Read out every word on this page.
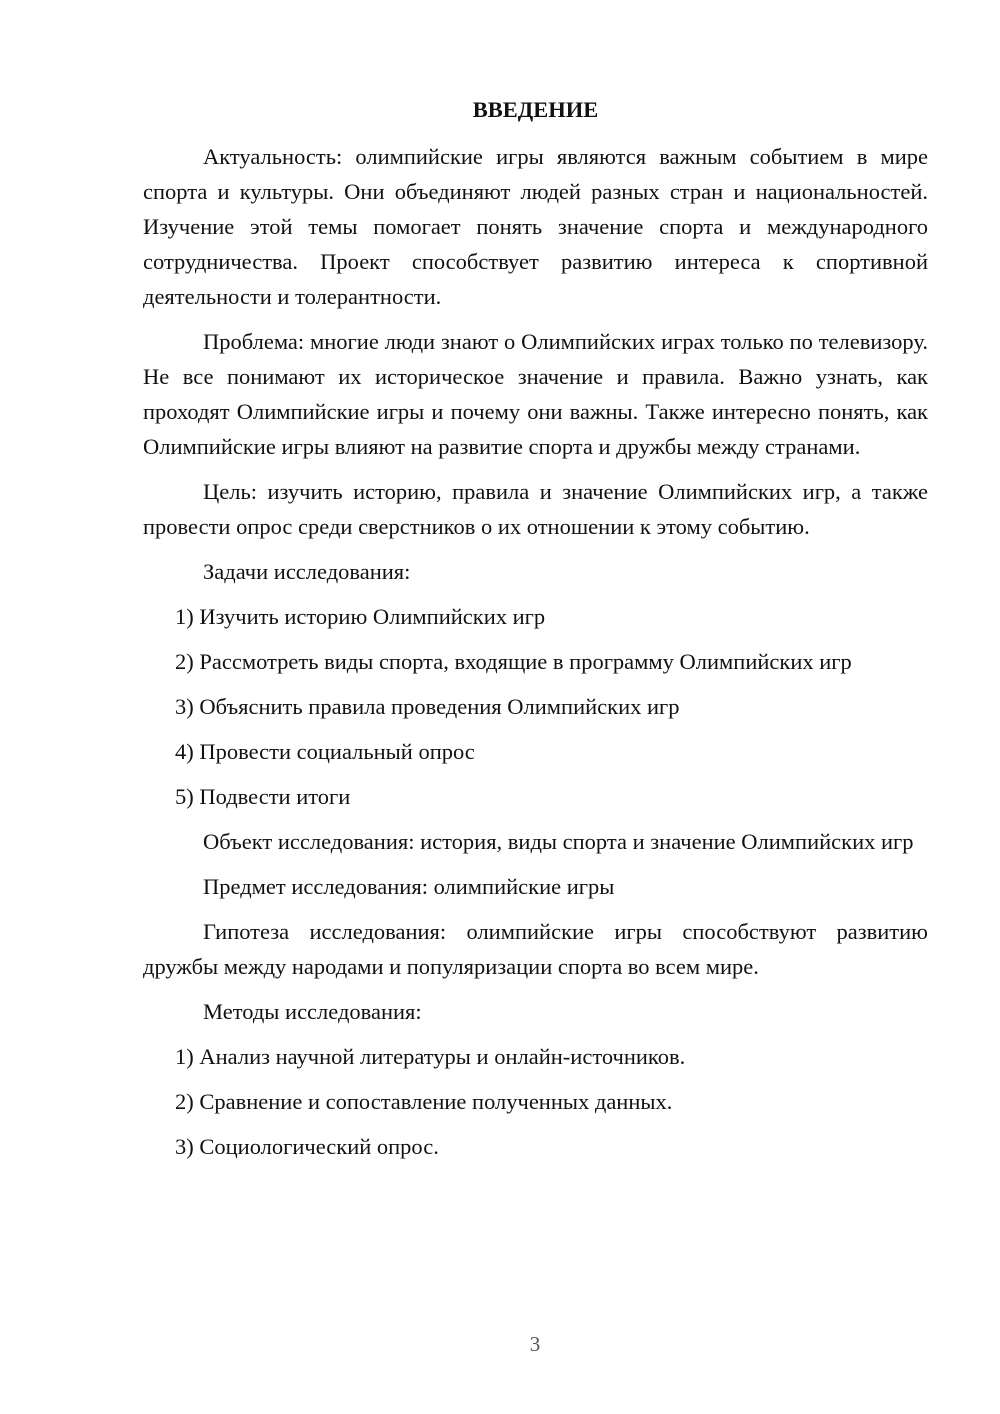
ВВЕДЕНИЕ
Актуальность: олимпийские игры являются важным событием в мире спорта и культуры. Они объединяют людей разных стран и национальностей. Изучение этой темы помогает понять значение спорта и международного сотрудничества. Проект способствует развитию интереса к спортивной деятельности и толерантности.
Проблема: многие люди знают о Олимпийских играх только по телевизору. Не все понимают их историческое значение и правила. Важно узнать, как проходят Олимпийские игры и почему они важны. Также интересно понять, как Олимпийские игры влияют на развитие спорта и дружбы между странами.
Цель: изучить историю, правила и значение Олимпийских игр, а также провести опрос среди сверстников о их отношении к этому событию.
Задачи исследования:
1) Изучить историю Олимпийских игр
2) Рассмотреть виды спорта, входящие в программу Олимпийских игр
3) Объяснить правила проведения Олимпийских игр
4) Провести социальный опрос
5) Подвести итоги
Объект исследования: история, виды спорта и значение Олимпийских игр
Предмет исследования: олимпийские игры
Гипотеза исследования: олимпийские игры способствуют развитию дружбы между народами и популяризации спорта во всем мире.
Методы исследования:
1) Анализ научной литературы и онлайн-источников.
2) Сравнение и сопоставление полученных данных.
3) Социологический опрос.
3
